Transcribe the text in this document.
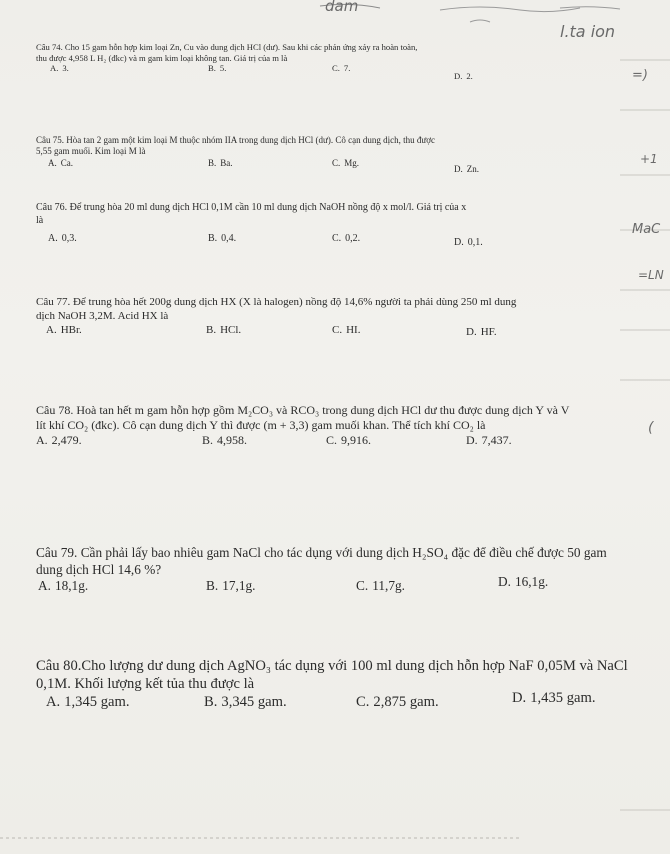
dam
l.ta ion

Câu 74. Cho 15 gam hỗn hợp kim loại Zn, Cu vào dung dịch HCl (dư). Sau khi các phản ứng xảy ra hoàn toàn,

thu được 4,958 L H₂ (đkc) và m gam kim loại không tan. Giá trị của m là

A. 3.	B. 5.	C. 7.
D. 2.

Câu 75. Hòa tan 2 gam một kim loại M thuộc nhóm IIA trong dung dịch HCl (dư). Cô cạn dung dịch, thu được

5,55 gam muối. Kim loại M là

A. Ca.	B. Ba.	C. Mg.
D. Zn.

Câu 76. Để trung hòa 20 ml dung dịch HCl 0,1M cần 10 ml dung dịch NaOH nồng độ x mol/l. Giá trị của x

là

A. 0,3.	B. 0,4.	C. 0,2.	D. 0,1.

Câu 77. Để trung hòa hết 200g dung dịch HX (X là halogen) nồng độ 14,6% người ta phải dùng 250 ml dung

dịch NaOH 3,2M. Acid HX là

A. HBr.	B. HCl.	C. HI.	D. HF.

Câu 78. Hoà tan hết m gam hỗn hợp gồm M₂CO₃ và RCO₃ trong dung dịch HCl dư thu được dung dịch Y và V

lít khí CO₂ (đkc). Cô cạn dung dịch Y thì được (m + 3,3) gam muối khan. Thể tích khí CO₂ là

A. 2,479.	B. 4,958.	C. 9,916.	D. 7,437.

Câu 79. Cần phải lấy bao nhiêu gam NaCl cho tác dụng với dung dịch H₂SO₄ đặc để điều chế được 50 gam

dung dịch HCl 14,6 %?

A. 18,1g.	B. 17,1g.	C. 11,7g.	D. 16,1g.

Câu 80.Cho lượng dư dung dịch AgNO₃ tác dụng với 100 ml dung dịch hỗn hợp NaF 0,05M và NaCl

0,1M. Khối lượng kết tủa thu được là

A. 1,345 gam.	B. 3,345 gam.	C. 2,875 gam.	D. 1,435 gam.
=)
+1
MaC
=LN
(
